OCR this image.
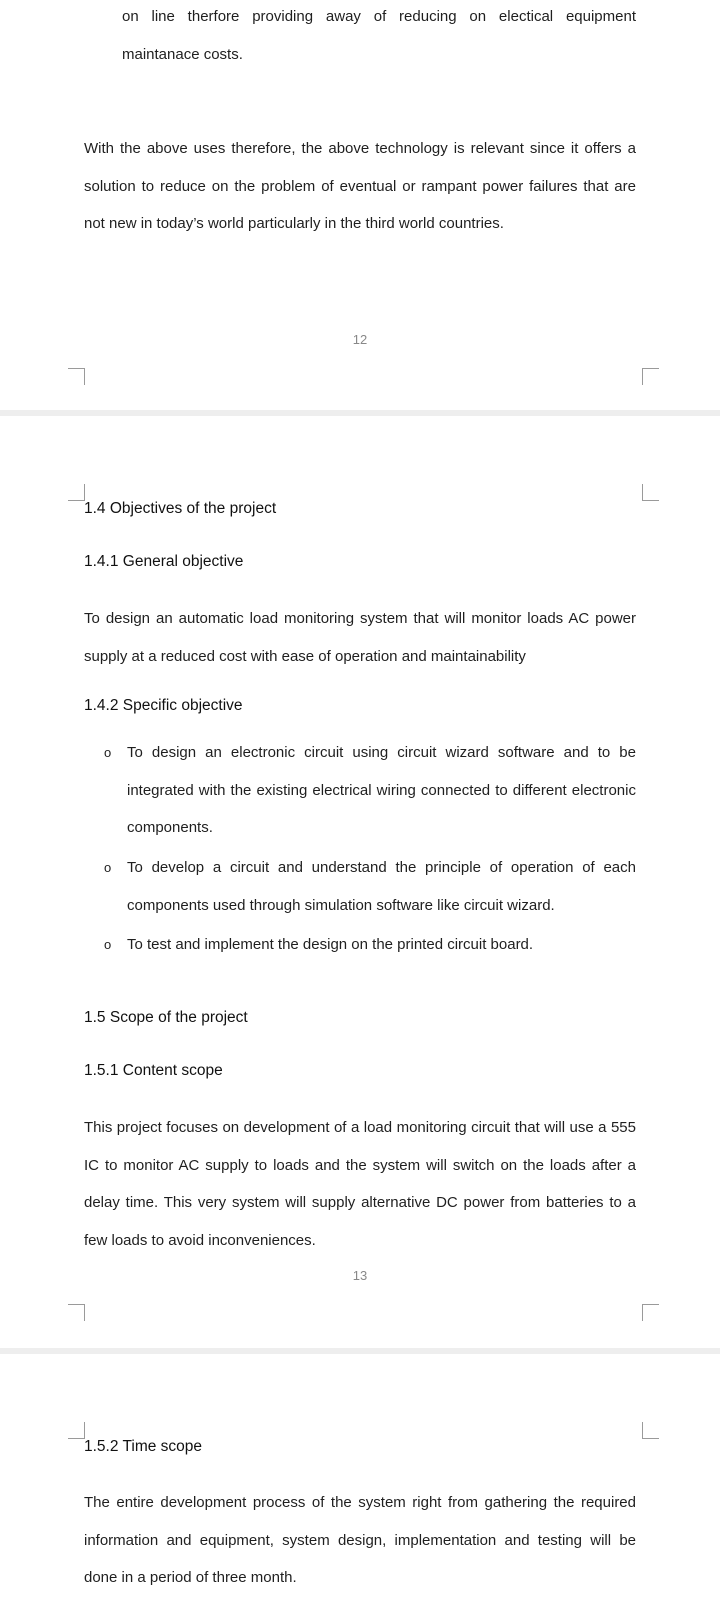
on line therfore providing away of reducing on electical equipment maintanace costs.

With the above uses therefore, the above technology is relevant since it offers a solution to reduce on the problem of eventual or rampant power failures that are not new in today’s world particularly in the third world countries.

12
1.4 Objectives of the project
1.4.1 General objective

To design an automatic load monitoring system that will monitor loads AC power supply at a reduced cost with ease of operation and maintainability

1.4.2 Specific objective
o	To design an electronic circuit using circuit wizard software and to be integrated with the existing electrical wiring connected to different electronic components.

o	To develop a circuit and understand the principle of operation of each components used through simulation software like circuit wizard.

o	To test and implement the design on the printed circuit board.

1.5 Scope of the project
1.5.1 Content scope

This project focuses on development of a load monitoring circuit that will use a 555 IC to monitor AC supply to loads and the system will switch on the loads after a delay time. This very system will supply alternative DC power from batteries to a few loads to avoid inconveniences.

13
1.5.2 Time scope

The entire development process of the system right from gathering the required information and equipment, system design, implementation and testing will be done in a period of three month.
